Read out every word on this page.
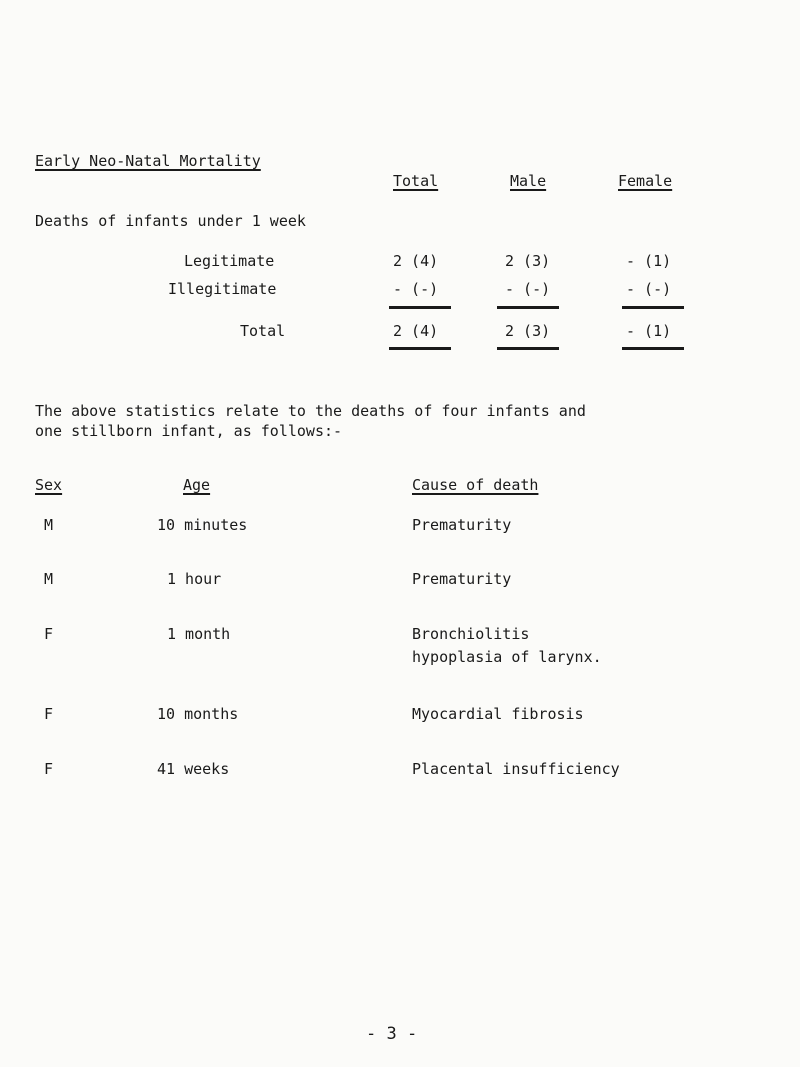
Early Neo-Natal Mortality
Total	Male	Female
Deaths of infants under 1 week
Legitimate	2 (4)	2 (3)	- (1)
Illegitimate	- (-)	- (-)	- (-)
Total	2 (4)	2 (3)	- (1)
The above statistics relate to the deaths of four infants and
one stillborn infant, as follows:-
Sex	Age	Cause of death
M	10 minutes	Prematurity
M	1 hour	Prematurity
F	1 month	Bronchiolitis
hypoplasia of larynx.
F	10 months	Myocardial fibrosis
F	41 weeks	Placental insufficiency
- 3 -
